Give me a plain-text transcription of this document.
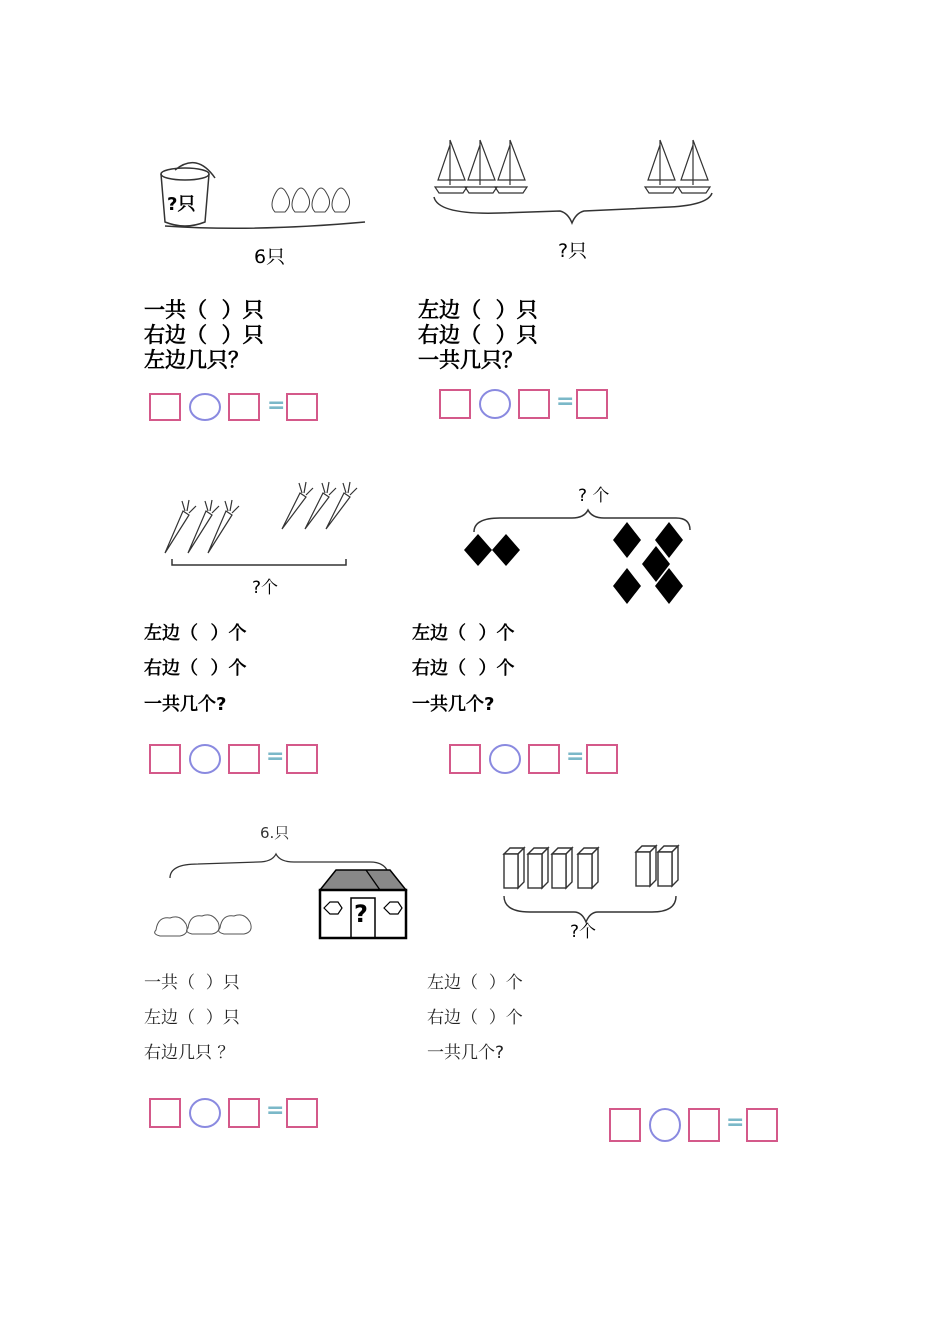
?只
6只
一共（  ）只
右边（  ）只
左边几只？
=
?只
左边（  ）只
右边（  ）只
一共几只？
=
?个
左边（  ）个
右边（  ）个
一共几个?
=
? 个
左边（  ）个
右边（  ）个
一共几个?
=
6.只
?
一共（  ）只
左边（  ）只
右边几只 ？
=
?个
左边（  ）个
右边（  ）个
一共几个?
=
